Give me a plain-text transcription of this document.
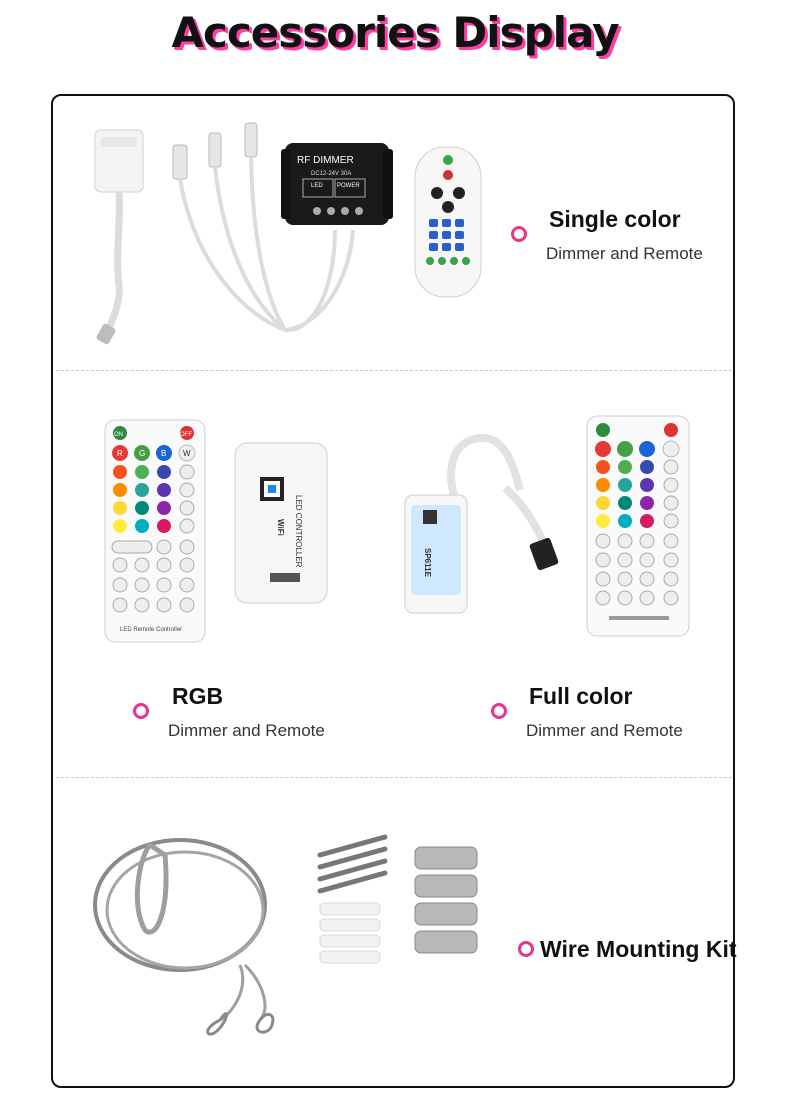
Accessories Display
RF DIMMER
DC12-24V 30A
LED POWER
Single color
Dimmer and Remote
ON	OFF
R G B W
LED Remote Controller
LED CONTROLLER
WiFi
RGB
Dimmer and Remote
SP611E
Full color
Dimmer and Remote
Wire Mounting Kit
